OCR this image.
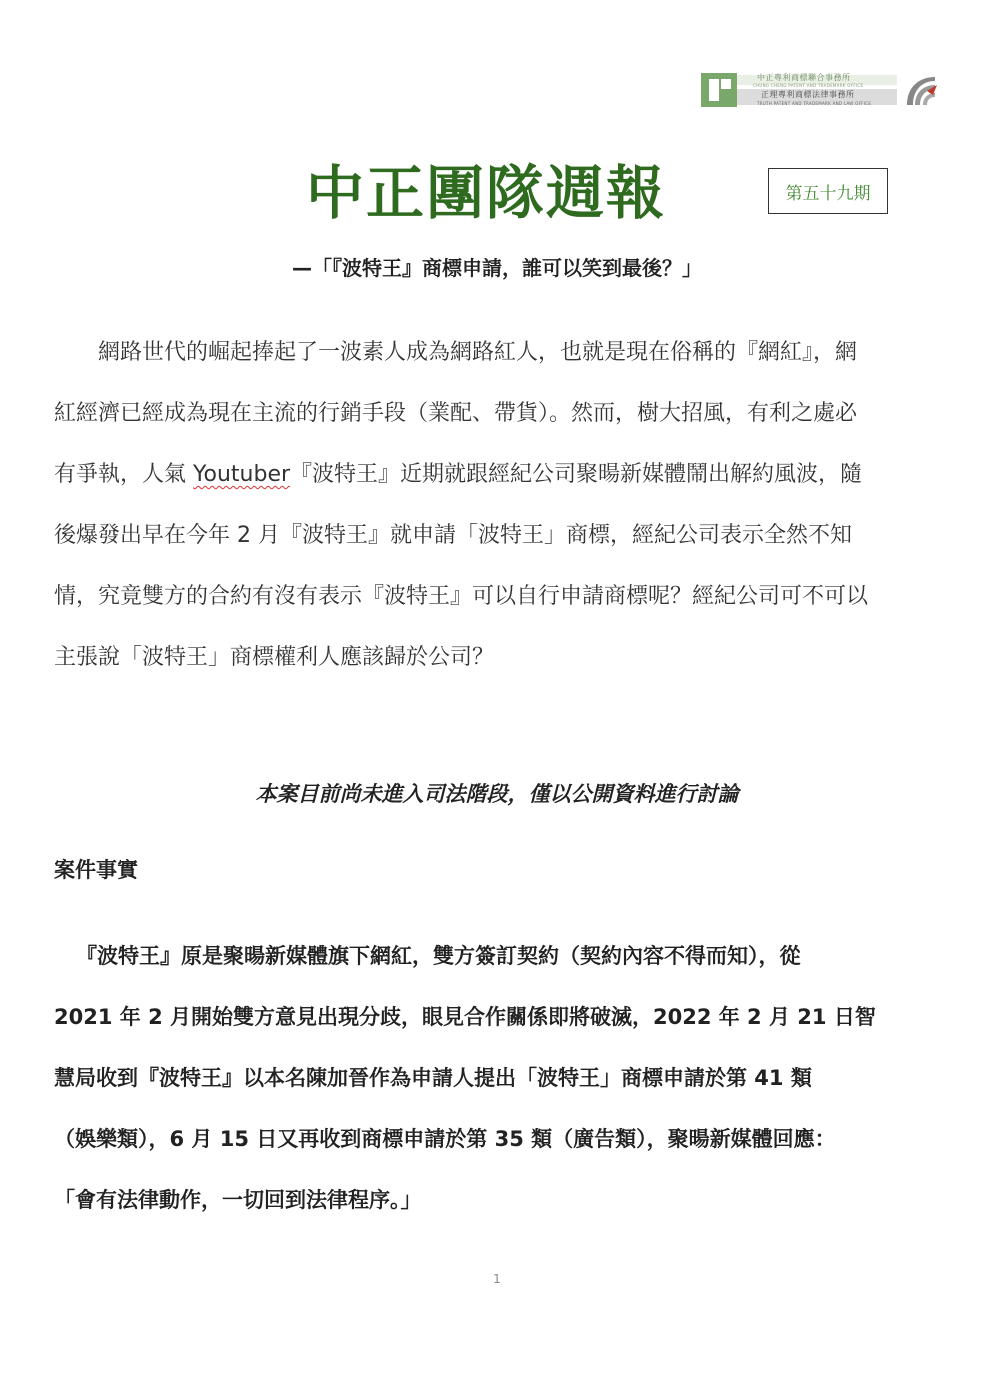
中正專利商標聯合事務所
CHUNG CHENG PATENT AND TRADEMARK OFFICE
正理專利商標法律事務所
TRUTH PATENT AND TRADEMARK AND LAW OFFICE
中正團隊週報	第五十九期
—「『波特王』商標申請，誰可以笑到最後？」
網路世代的崛起捧起了一波素人成為網路紅人，也就是現在俗稱的『網紅』，網
紅經濟已經成為現在主流的行銷手段（業配、帶貨）。然而，樹大招風，有利之處必
有爭執，人氣 Youtuber『波特王』近期就跟經紀公司聚暘新媒體鬧出解約風波，隨
後爆發出早在今年 2 月『波特王』就申請「波特王」商標，經紀公司表示全然不知
情，究竟雙方的合約有沒有表示『波特王』可以自行申請商標呢？經紀公司可不可以
主張說「波特王」商標權利人應該歸於公司？
本案目前尚未進入司法階段，僅以公開資料進行討論
案件事實
『波特王』原是聚暘新媒體旗下網紅，雙方簽訂契約（契約內容不得而知），從
2021 年 2 月開始雙方意見出現分歧，眼見合作關係即將破滅，2022 年 2 月 21 日智
慧局收到『波特王』以本名陳加晉作為申請人提出「波特王」商標申請於第 41 類
（娛樂類），6 月 15 日又再收到商標申請於第 35 類（廣告類），聚暘新媒體回應：
「會有法律動作，一切回到法律程序。」
1
